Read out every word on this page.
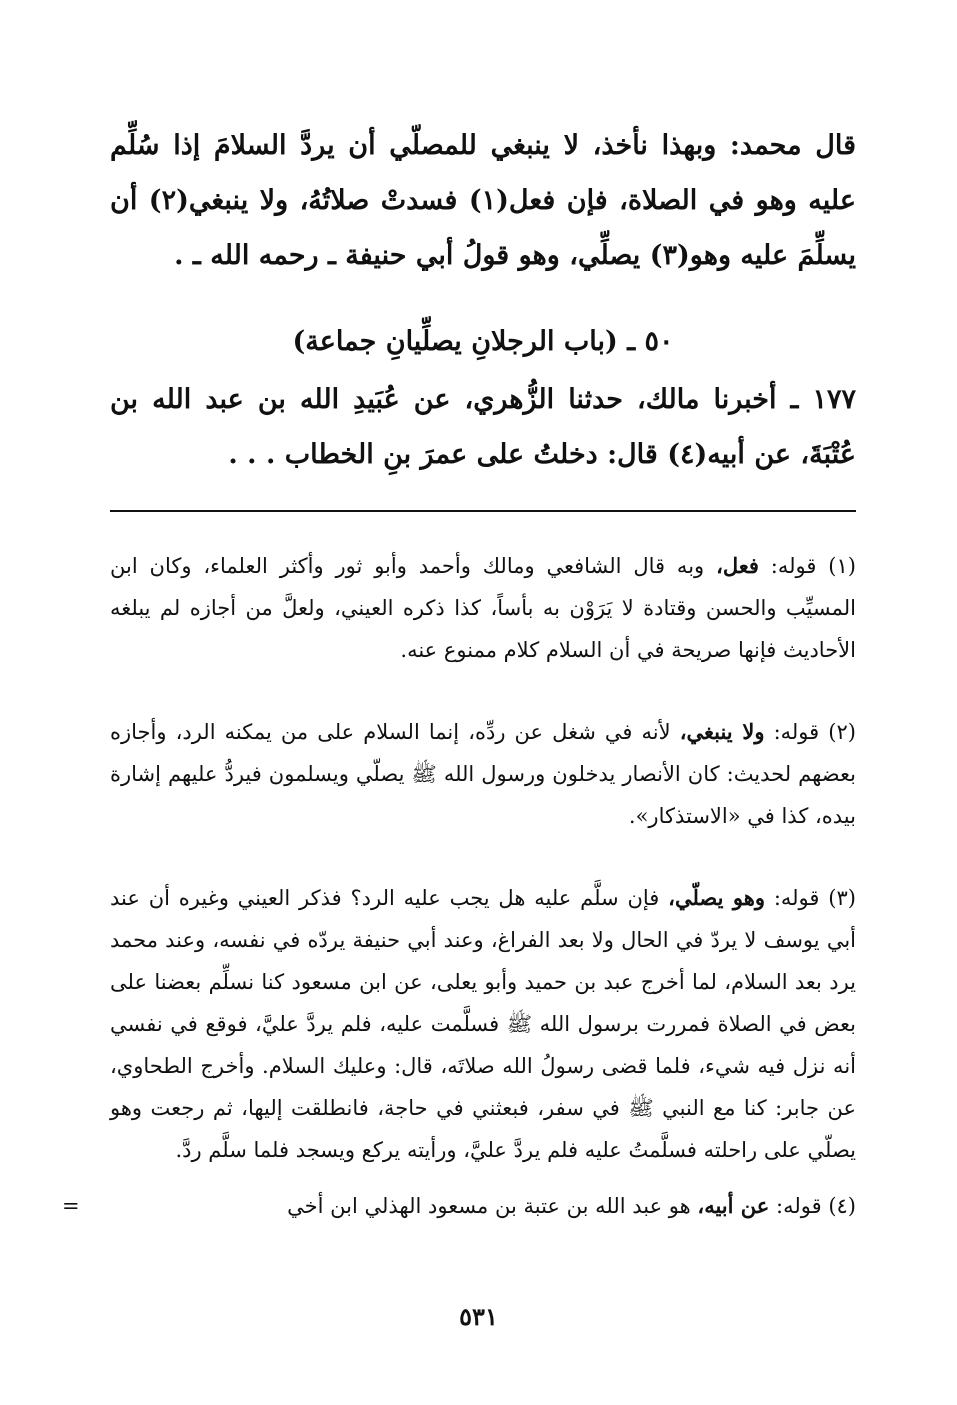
قال محمد: وبهذا نأخذ، لا ينبغي للمصلّي أن يردَّ السلامَ إذا سُلِّم عليه وهو في الصلاة، فإن فعل(١) فسدتْ صلاتُهُ، ولا ينبغي(٢) أن يسلِّمَ عليه وهو(٣) يصلِّي، وهو قولُ أبي حنيفة ـ رحمه الله ـ .

٥٠ ـ (باب الرجلانِ يصلِّيانِ جماعة)

١٧٧ ـ أخبرنا مالك، حدثنا الزُّهري، عن عُبَيدِ الله بن عبد الله بن عُتْبَةَ، عن أبيه(٤) قال: دخلتُ على عمرَ بنِ الخطاب . . .

(١) قوله: فعل، وبه قال الشافعي ومالك وأحمد وأبو ثور وأكثر العلماء، وكان ابن المسيِّب والحسن وقتادة لا يَرَوْن به بأساً، كذا ذكره العيني، ولعلَّ من أجازه لم يبلغه الأحاديث فإنها صريحة في أن السلام كلام ممنوع عنه.

(٢) قوله: ولا ينبغي، لأنه في شغل عن ردِّه، إنما السلام على من يمكنه الرد، وأجازه بعضهم لحديث: كان الأنصار يدخلون ورسول الله ﷺ يصلّي ويسلمون فيردُّ عليهم إشارة بيده، كذا في «الاستذكار».

(٣) قوله: وهو يصلّي، فإن سلَّم عليه هل يجب عليه الرد؟ فذكر العيني وغيره أن عند أبي يوسف لا يردّ في الحال ولا بعد الفراغ، وعند أبي حنيفة يردّه في نفسه، وعند محمد يرد بعد السلام، لما أخرج عبد بن حميد وأبو يعلى، عن ابن مسعود كنا نسلِّم بعضنا على بعض في الصلاة فمررت برسول الله ﷺ فسلَّمت عليه، فلم يردَّ عليَّ، فوقع في نفسي أنه نزل فيه شيء، فلما قضى رسولُ الله صلاتَه، قال: وعليك السلام. وأخرج الطحاوي، عن جابر: كنا مع النبي ﷺ في سفر، فبعثني في حاجة، فانطلقت إليها، ثم رجعت وهو يصلّي على راحلته فسلَّمتُ عليه فلم يردَّ عليَّ، ورأيته يركع ويسجد فلما سلَّم ردَّ.

(٤) قوله: عن أبيه، هو عبد الله بن عتبة بن مسعود الهذلي ابن أخي
=

٥٣١
